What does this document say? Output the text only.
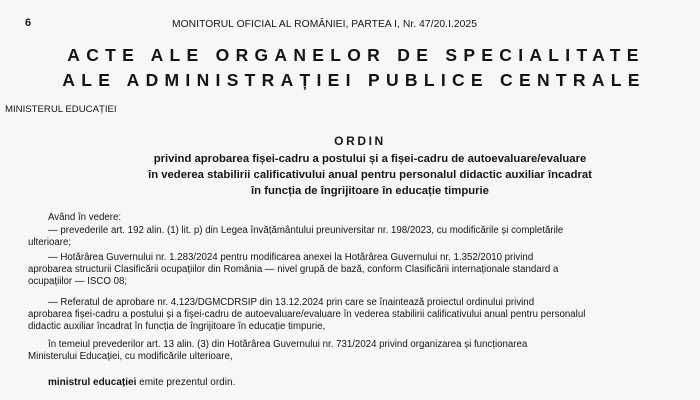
6	MONITORUL OFICIAL AL ROMÂNIEI, PARTEA I, Nr. 47/20.I.2025
ACTE ALE ORGANELOR DE SPECIALITATE
ALE ADMINISTRAȚIEI PUBLICE CENTRALE
MINISTERUL EDUCAȚIEI
ORDIN
privind aprobarea fișei-cadru a postului și a fișei-cadru de autoevaluare/evaluare
în vederea stabilirii calificativului anual pentru personalul didactic auxiliar încadrat
în funcția de îngrijitoare în educație timpurie
Având în vedere:
— prevederile art. 192 alin. (1) lit. p) din Legea învățământului preuniversitar nr. 198/2023, cu modificările și completările
ulterioare;
— Hotărârea Guvernului nr. 1.283/2024 pentru modificarea anexei la Hotărârea Guvernului nr. 1.352/2010 privind
aprobarea structurii Clasificării ocupațiilor din România — nivel grupă de bază, conform Clasificării internaționale standard a
ocupațiilor — ISCO 08;
— Referatul de aprobare nr. 4.123/DGMCDRSIP din 13.12.2024 prin care se înaintează proiectul ordinului privind
aprobarea fișei-cadru a postului și a fișei-cadru de autoevaluare/evaluare în vederea stabilirii calificativului anual pentru personalul
didactic auxiliar încadrat în funcția de îngrijitoare în educație timpurie,
în temeiul prevederilor art. 13 alin. (3) din Hotărârea Guvernului nr. 731/2024 privind organizarea și funcționarea
Ministerului Educației, cu modificările ulterioare,
ministrul educației emite prezentul ordin.
